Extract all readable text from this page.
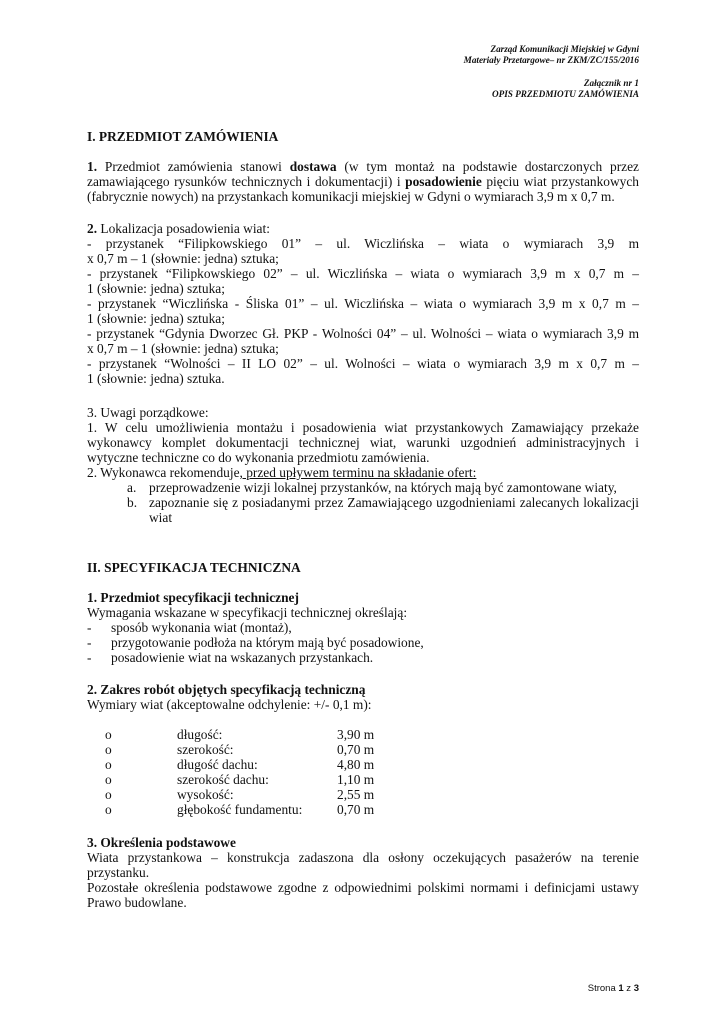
Zarząd Komunikacji Miejskiej w Gdyni
Materiały Przetargowe– nr ZKM/ZC/155/2016
Załącznik nr 1
OPIS PRZEDMIOTU ZAMÓWIENIA
I. PRZEDMIOT ZAMÓWIENIA
1. Przedmiot zamówienia stanowi dostawa (w tym montaż na podstawie dostarczonych przez zamawiającego rysunków technicznych i dokumentacji) i posadowienie pięciu wiat przystankowych (fabrycznie nowych) na przystankach komunikacji miejskiej w Gdyni o wymiarach 3,9 m x 0,7 m.
2. Lokalizacja posadowienia wiat:
- przystanek “Filipkowskiego 01” – ul. Wiczlińska – wiata o wymiarach 3,9 m
x 0,7 m – 1 (słownie: jedna) sztuka;
- przystanek “Filipkowskiego 02” – ul. Wiczlińska – wiata o wymiarach 3,9 m x 0,7 m –
1 (słownie: jedna) sztuka;
- przystanek “Wiczlińska - Śliska 01” – ul. Wiczlińska – wiata o wymiarach 3,9 m x 0,7 m –
1 (słownie: jedna) sztuka;
- przystanek “Gdynia Dworzec Gł. PKP - Wolności 04” – ul. Wolności – wiata o wymiarach 3,9 m
x 0,7 m – 1 (słownie: jedna) sztuka;
- przystanek “Wolności – II LO 02” – ul. Wolności – wiata o wymiarach 3,9 m x 0,7 m –
1 (słownie: jedna) sztuka.
3. Uwagi porządkowe:
1. W celu umożliwienia montażu i posadowienia wiat przystankowych Zamawiający przekaże wykonawcy komplet dokumentacji technicznej wiat, warunki uzgodnień administracyjnych i wytyczne techniczne co do wykonania przedmiotu zamówienia.
2. Wykonawca rekomenduje, przed upływem terminu na składanie ofert:
a. przeprowadzenie wizji lokalnej przystanków, na których mają być zamontowane wiaty,
b. zapoznanie się z posiadanymi przez Zamawiającego uzgodnieniami zalecanych lokalizacji wiat
II. SPECYFIKACJA TECHNICZNA
1. Przedmiot specyfikacji technicznej
Wymagania wskazane w specyfikacji technicznej określają:
-	sposób wykonania wiat (montaż),
-	przygotowanie podłoża na którym mają być posadowione,
-	posadowienie wiat na wskazanych przystankach.
2. Zakres robót objętych specyfikacją techniczną
Wymiary wiat (akceptowalne odchylenie: +/- 0,1 m):
o	długość:	3,90 m
o	szerokość:	0,70 m
o	długość dachu:	4,80 m
o	szerokość dachu:	1,10 m
o	wysokość:	2,55 m
o	głębokość fundamentu:	0,70 m
3. Określenia podstawowe
Wiata przystankowa – konstrukcja zadaszona dla osłony oczekujących pasażerów na terenie przystanku.
Pozostałe określenia podstawowe zgodne z odpowiednimi polskimi normami i definicjami ustawy Prawo budowlane.
Strona 1 z 3
